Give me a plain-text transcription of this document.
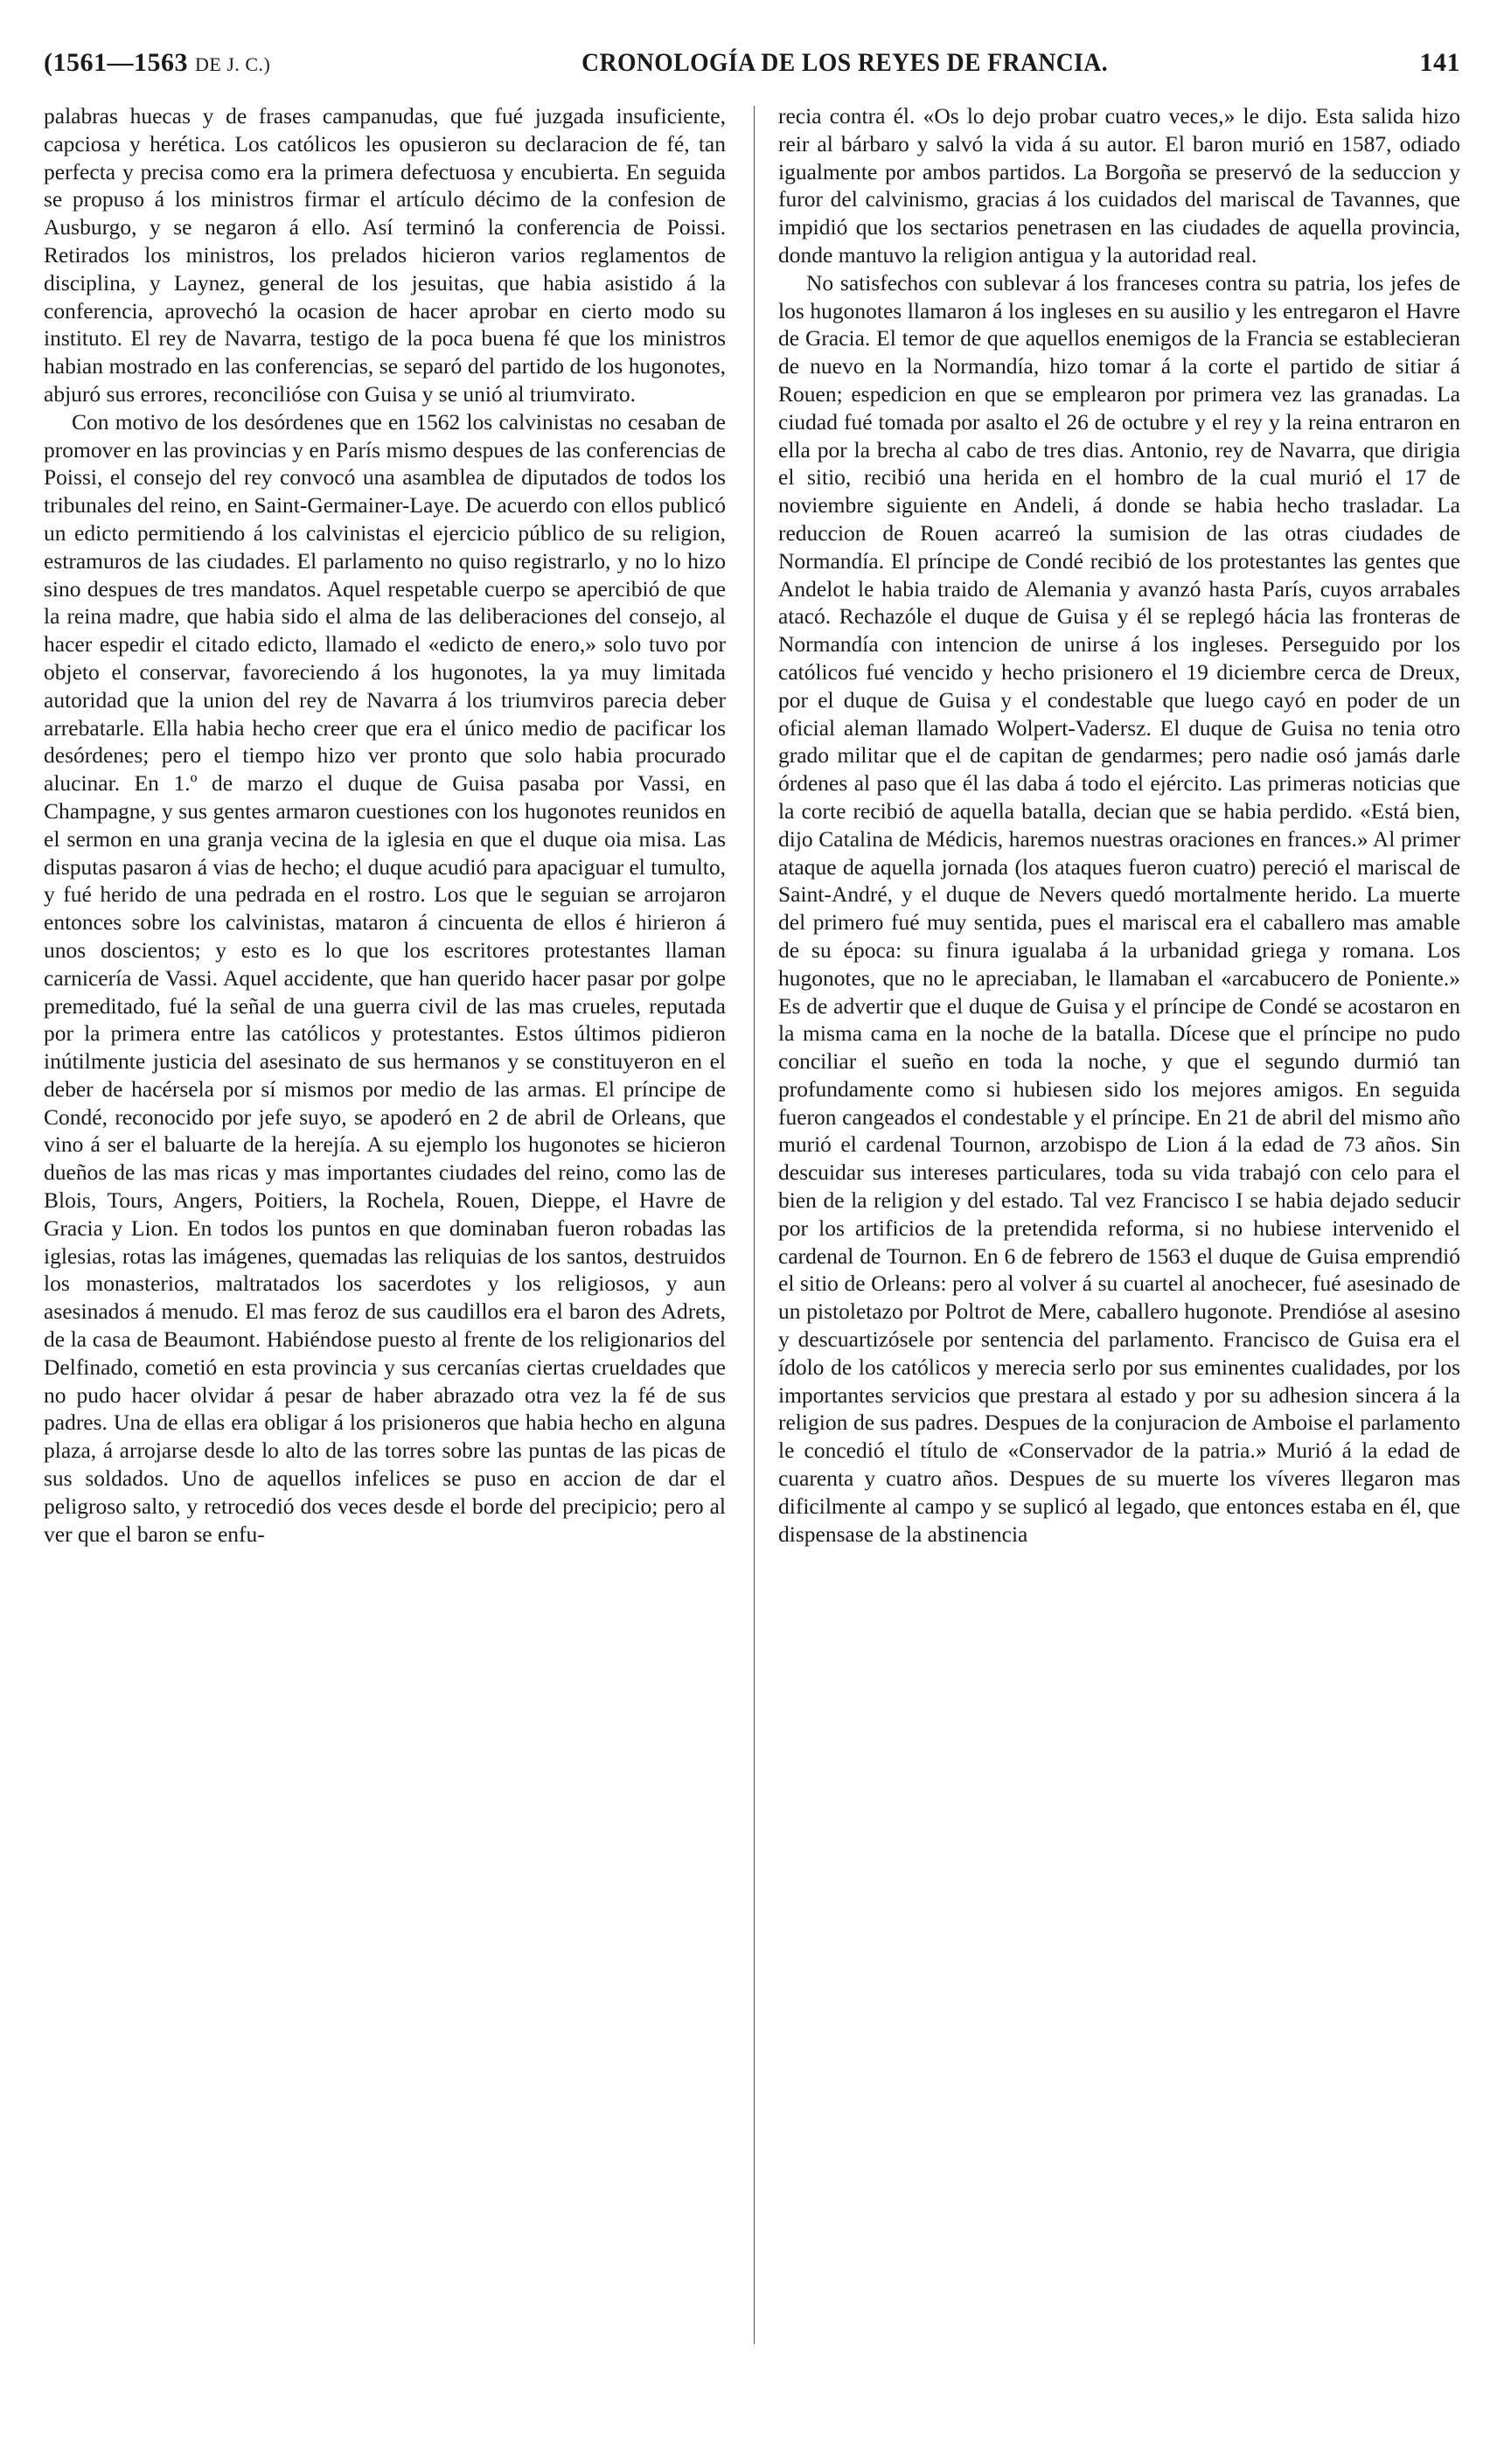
(1561—1563 DE J. C.)	CRONOLOGÍA DE LOS REYES DE FRANCIA.	141

palabras huecas y de frases campanudas, que fué juzgada insuficiente, capciosa y herética. Los católicos les opusieron su declaracion de fé, tan perfecta y precisa como era la primera defectuosa y encubierta. En seguida se propuso á los ministros firmar el artículo décimo de la confesion de Ausburgo, y se negaron á ello. Así terminó la conferencia de Poissi. Retirados los ministros, los prelados hicieron varios reglamentos de disciplina, y Laynez, general de los jesuitas, que habia asistido á la conferencia, aprovechó la ocasion de hacer aprobar en cierto modo su instituto. El rey de Navarra, testigo de la poca buena fé que los ministros habian mostrado en las conferencias, se separó del partido de los hugonotes, abjuró sus errores, reconcilióse con Guisa y se unió al triumvirato.

Con motivo de los desórdenes que en 1562 los calvinistas no cesaban de promover en las provincias y en París mismo despues de las conferencias de Poissi, el consejo del rey convocó una asamblea de diputados de todos los tribunales del reino, en Saint-Germainer-Laye. De acuerdo con ellos publicó un edicto permitiendo á los calvinistas el ejercicio público de su religion, estramuros de las ciudades. El parlamento no quiso registrarlo, y no lo hizo sino despues de tres mandatos. Aquel respetable cuerpo se apercibió de que la reina madre, que habia sido el alma de las deliberaciones del consejo, al hacer espedir el citado edicto, llamado el «edicto de enero,» solo tuvo por objeto el conservar, favoreciendo á los hugonotes, la ya muy limitada autoridad que la union del rey de Navarra á los triumviros parecia deber arrebatarle. Ella habia hecho creer que era el único medio de pacificar los desórdenes; pero el tiempo hizo ver pronto que solo habia procurado alucinar. En 1.º de marzo el duque de Guisa pasaba por Vassi, en Champagne, y sus gentes armaron cuestiones con los hugonotes reunidos en el sermon en una granja vecina de la iglesia en que el duque oia misa. Las disputas pasaron á vias de hecho; el duque acudió para apaciguar el tumulto, y fué herido de una pedrada en el rostro. Los que le seguian se arrojaron entonces sobre los calvinistas, mataron á cincuenta de ellos é hirieron á unos doscientos; y esto es lo que los escritores protestantes llaman carnicería de Vassi. Aquel accidente, que han querido hacer pasar por golpe premeditado, fué la señal de una guerra civil de las mas crueles, reputada por la primera entre las católicos y protestantes. Estos últimos pidieron inútilmente justicia del asesinato de sus hermanos y se constituyeron en el deber de hacérsela por sí mismos por medio de las armas. El príncipe de Condé, reconocido por jefe suyo, se apoderó en 2 de abril de Orleans, que vino á ser el baluarte de la herejía. A su ejemplo los hugonotes se hicieron dueños de las mas ricas y mas importantes ciudades del reino, como las de Blois, Tours, Angers, Poitiers, la Rochela, Rouen, Dieppe, el Havre de Gracia y Lion. En todos los puntos en que dominaban fueron robadas las iglesias, rotas las imágenes, quemadas las reliquias de los santos, destruidos los monasterios, maltratados los sacerdotes y los religiosos, y aun asesinados á menudo. El mas feroz de sus caudillos era el baron des Adrets, de la casa de Beaumont. Habiéndose puesto al frente de los religionarios del Delfinado, cometió en esta provincia y sus cercanías ciertas crueldades que no pudo hacer olvidar á pesar de haber abrazado otra vez la fé de sus padres. Una de ellas era obligar á los prisioneros que habia hecho en alguna plaza, á arrojarse desde lo alto de las torres sobre las puntas de las picas de sus soldados. Uno de aquellos infelices se puso en accion de dar el peligroso salto, y retrocedió dos veces desde el borde del precipicio; pero al ver que el baron se enfu-

recia contra él. «Os lo dejo probar cuatro veces,» le dijo. Esta salida hizo reir al bárbaro y salvó la vida á su autor. El baron murió en 1587, odiado igualmente por ambos partidos. La Borgoña se preservó de la seduccion y furor del calvinismo, gracias á los cuidados del mariscal de Tavannes, que impidió que los sectarios penetrasen en las ciudades de aquella provincia, donde mantuvo la religion antigua y la autoridad real.

No satisfechos con sublevar á los franceses contra su patria, los jefes de los hugonotes llamaron á los ingleses en su ausilio y les entregaron el Havre de Gracia. El temor de que aquellos enemigos de la Francia se establecieran de nuevo en la Normandía, hizo tomar á la corte el partido de sitiar á Rouen; espedicion en que se emplearon por primera vez las granadas. La ciudad fué tomada por asalto el 26 de octubre y el rey y la reina entraron en ella por la brecha al cabo de tres dias. Antonio, rey de Navarra, que dirigia el sitio, recibió una herida en el hombro de la cual murió el 17 de noviembre siguiente en Andeli, á donde se habia hecho trasladar. La reduccion de Rouen acarreó la sumision de las otras ciudades de Normandía. El príncipe de Condé recibió de los protestantes las gentes que Andelot le habia traido de Alemania y avanzó hasta París, cuyos arrabales atacó. Rechazóle el duque de Guisa y él se replegó hácia las fronteras de Normandía con intencion de unirse á los ingleses. Perseguido por los católicos fué vencido y hecho prisionero el 19 diciembre cerca de Dreux, por el duque de Guisa y el condestable que luego cayó en poder de un oficial aleman llamado Wolpert-Vadersz. El duque de Guisa no tenia otro grado militar que el de capitan de gendarmes; pero nadie osó jamás darle órdenes al paso que él las daba á todo el ejército. Las primeras noticias que la corte recibió de aquella batalla, decian que se habia perdido. «Está bien, dijo Catalina de Médicis, haremos nuestras oraciones en frances.» Al primer ataque de aquella jornada (los ataques fueron cuatro) pereció el mariscal de Saint-André, y el duque de Nevers quedó mortalmente herido. La muerte del primero fué muy sentida, pues el mariscal era el caballero mas amable de su época: su finura igualaba á la urbanidad griega y romana. Los hugonotes, que no le apreciaban, le llamaban el «arcabucero de Poniente.» Es de advertir que el duque de Guisa y el príncipe de Condé se acostaron en la misma cama en la noche de la batalla. Dícese que el príncipe no pudo conciliar el sueño en toda la noche, y que el segundo durmió tan profundamente como si hubiesen sido los mejores amigos. En seguida fueron cangeados el condestable y el príncipe. En 21 de abril del mismo año murió el cardenal Tournon, arzobispo de Lion á la edad de 73 años. Sin descuidar sus intereses particulares, toda su vida trabajó con celo para el bien de la religion y del estado. Tal vez Francisco I se habia dejado seducir por los artificios de la pretendida reforma, si no hubiese intervenido el cardenal de Tournon. En 6 de febrero de 1563 el duque de Guisa emprendió el sitio de Orleans: pero al volver á su cuartel al anochecer, fué asesinado de un pistoletazo por Poltrot de Mere, caballero hugonote. Prendióse al asesino y descuartizósele por sentencia del parlamento. Francisco de Guisa era el ídolo de los católicos y merecia serlo por sus eminentes cualidades, por los importantes servicios que prestara al estado y por su adhesion sincera á la religion de sus padres. Despues de la conjuracion de Amboise el parlamento le concedió el título de «Conservador de la patria.» Murió á la edad de cuarenta y cuatro años. Despues de su muerte los víveres llegaron mas dificilmente al campo y se suplicó al legado, que entonces estaba en él, que dispensase de la abstinencia
